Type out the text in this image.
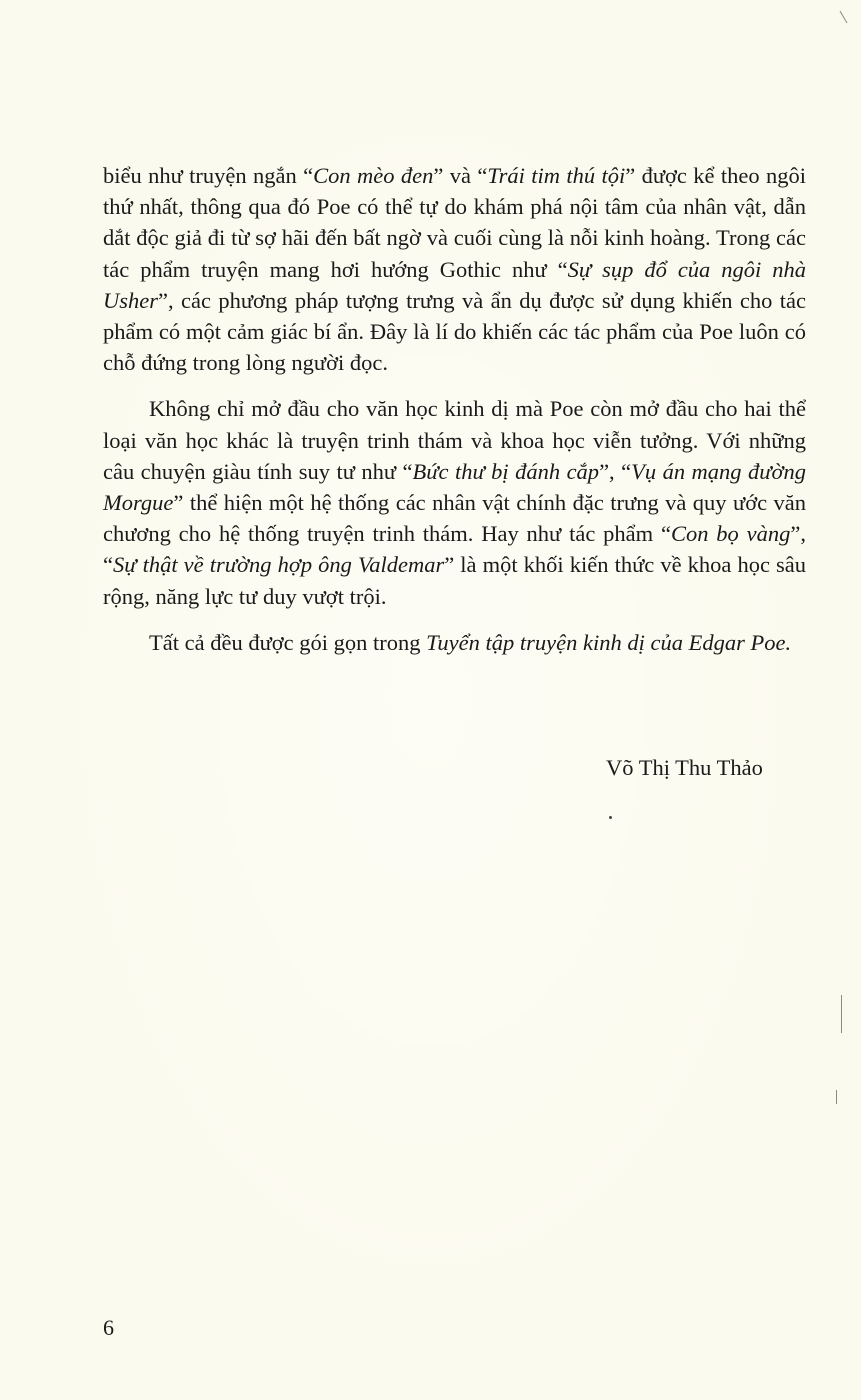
biểu như truyện ngắn “Con mèo đen” và “Trái tim thú tội” được kể theo ngôi thứ nhất, thông qua đó Poe có thể tự do khám phá nội tâm của nhân vật, dẫn dắt độc giả đi từ sợ hãi đến bất ngờ và cuối cùng là nỗi kinh hoàng. Trong các tác phẩm truyện mang hơi hướng Gothic như “Sự sụp đổ của ngôi nhà Usher”, các phương pháp tượng trưng và ẩn dụ được sử dụng khiến cho tác phẩm có một cảm giác bí ẩn. Đây là lí do khiến các tác phẩm của Poe luôn có chỗ đứng trong lòng người đọc.

Không chỉ mở đầu cho văn học kinh dị mà Poe còn mở đầu cho hai thể loại văn học khác là truyện trinh thám và khoa học viễn tưởng. Với những câu chuyện giàu tính suy tư như “Bức thư bị đánh cắp”, “Vụ án mạng đường Morgue” thể hiện một hệ thống các nhân vật chính đặc trưng và quy ước văn chương cho hệ thống truyện trinh thám. Hay như tác phẩm “Con bọ vàng”, “Sự thật về trường hợp ông Valdemar” là một khối kiến thức về khoa học sâu rộng, năng lực tư duy vượt trội.

Tất cả đều được gói gọn trong Tuyển tập truyện kinh dị của Edgar Poe.

Võ Thị Thu Thảo
6
